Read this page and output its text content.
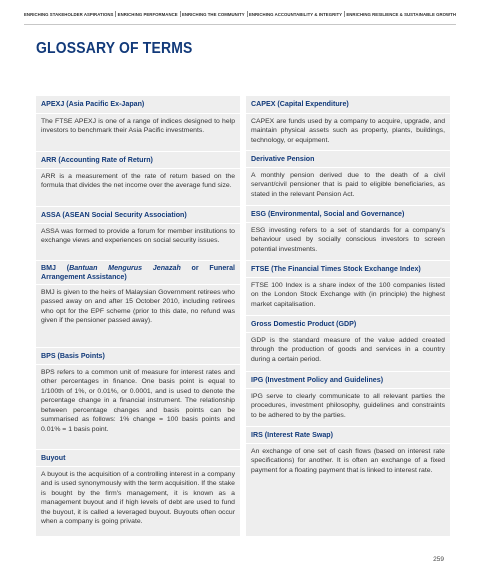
ENRICHING STAKEHOLDER ASPIRATIONS ENRICHING PERFORMANCE ENRICHING THE COMMUNITY ENRICHING ACCOUNTABILITY & INTEGRITY ENRICHING RESILIENCE & SUSTAINABLE GROWTH
GLOSSARY OF TERMS

APEXJ (Asia Pacific Ex-Japan)

The FTSE APEXJ is one of a range of indices designed to help investors to benchmark their Asia Pacific investments.

ARR (Accounting Rate of Return)

ARR is a measurement of the rate of return based on the formula that divides the net income over the average fund size.

ASSA (ASEAN Social Security Association)

ASSA was formed to provide a forum for member institutions to exchange views and experiences on social security issues.

BMJ (Bantuan Mengurus Jenazah or Funeral Arrangement Assistance)

BMJ is given to the heirs of Malaysian Government retirees who passed away on and after 15 October 2010, including retirees who opt for the EPF scheme (prior to this date, no refund was given if the pensioner passed away).

BPS (Basis Points)

BPS refers to a common unit of measure for interest rates and other percentages in finance. One basis point is equal to 1/100th of 1%, or 0.01%, or 0.0001, and is used to denote the percentage change in a financial instrument. The relationship between percentage changes and basis points can be summarised as follows: 1% change = 100 basis points and 0.01% = 1 basis point.

Buyout

A buyout is the acquisition of a controlling interest in a company and is used synonymously with the term acquisition. If the stake is bought by the firm's management, it is known as a management buyout and if high levels of debt are used to fund the buyout, it is called a leveraged buyout. Buyouts often occur when a company is going private.

CAPEX (Capital Expenditure)

CAPEX are funds used by a company to acquire, upgrade, and maintain physical assets such as property, plants, buildings, technology, or equipment.

Derivative Pension

A monthly pension derived due to the death of a civil servant/civil pensioner that is paid to eligible beneficiaries, as stated in the relevant Pension Act.

ESG (Environmental, Social and Governance)

ESG investing refers to a set of standards for a company's behaviour used by socially conscious investors to screen potential investments.

FTSE (The Financial Times Stock Exchange Index)

FTSE 100 Index is a share index of the 100 companies listed on the London Stock Exchange with (in principle) the highest market capitalisation.

Gross Domestic Product (GDP)

GDP is the standard measure of the value added created through the production of goods and services in a country during a certain period.

IPG (Investment Policy and Guidelines)

IPG serve to clearly communicate to all relevant parties the procedures, investment philosophy, guidelines and constraints to be adhered to by the parties.

IRS (Interest Rate Swap)

An exchange of one set of cash flows (based on interest rate specifications) for another. It is often an exchange of a fixed payment for a floating payment that is linked to interest rate.

259
